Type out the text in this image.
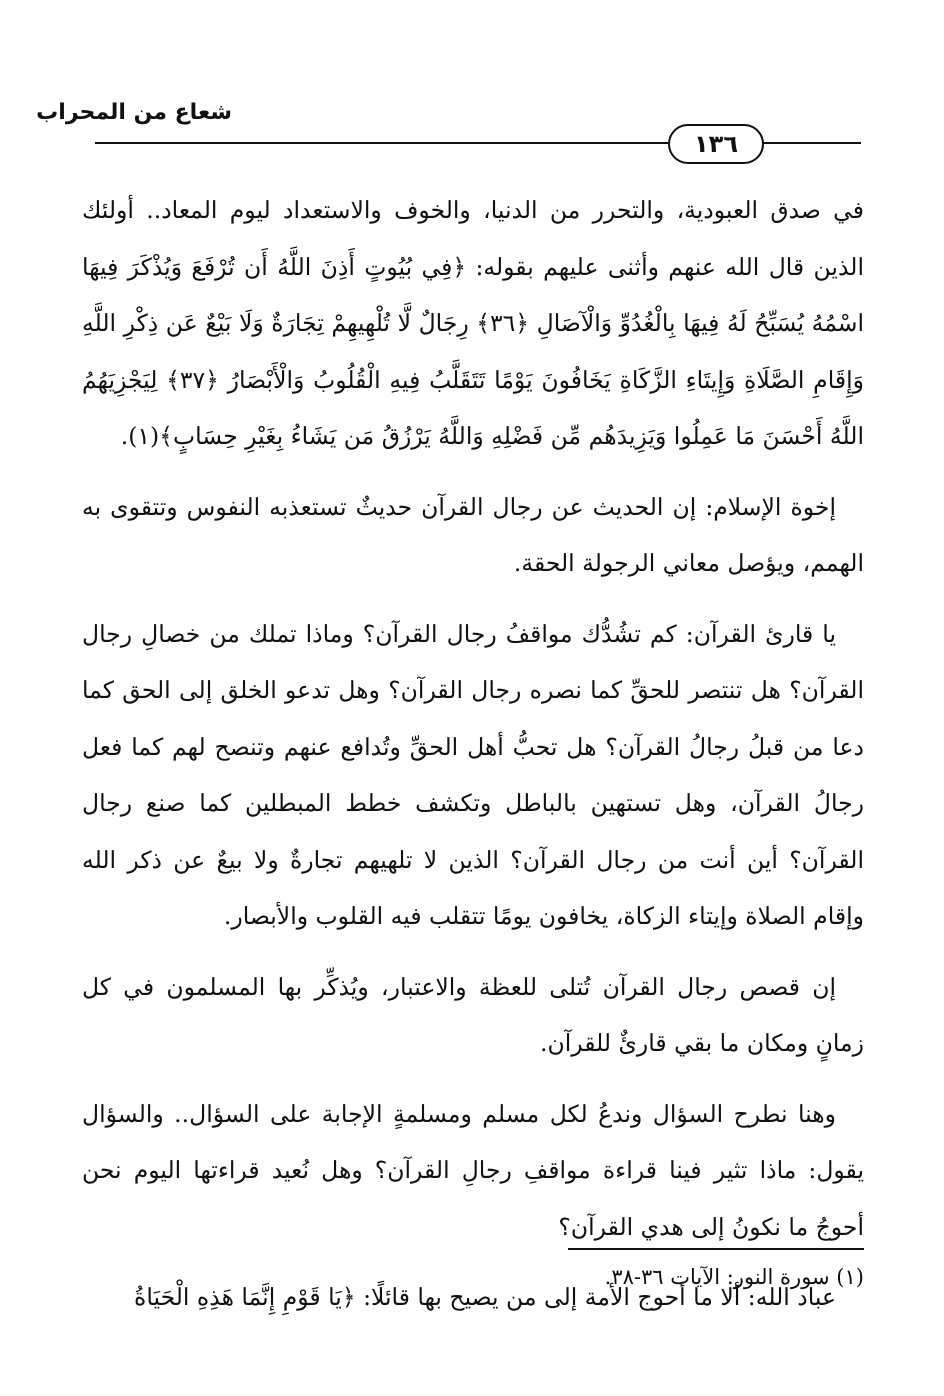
شعاع من المحراب
١٣٦

في صدق العبودية، والتحرر من الدنيا، والخوف والاستعداد ليوم المعاد.. أولئك الذين قال الله عنهم وأثنى عليهم بقوله: ﴿فِي بُيُوتٍ أَذِنَ اللَّهُ أَن تُرْفَعَ وَيُذْكَرَ فِيهَا اسْمُهُ يُسَبِّحُ لَهُ فِيهَا بِالْغُدُوِّ وَالْآصَالِ ﴿٣٦﴾ رِجَالٌ لَّا تُلْهِيهِمْ تِجَارَةٌ وَلَا بَيْعٌ عَن ذِكْرِ اللَّهِ وَإِقَامِ الصَّلَاةِ وَإِيتَاءِ الزَّكَاةِ يَخَافُونَ يَوْمًا تَتَقَلَّبُ فِيهِ الْقُلُوبُ وَالْأَبْصَارُ ﴿٣٧﴾ لِيَجْزِيَهُمُ اللَّهُ أَحْسَنَ مَا عَمِلُوا وَيَزِيدَهُم مِّن فَضْلِهِ وَاللَّهُ يَرْزُقُ مَن يَشَاءُ بِغَيْرِ حِسَابٍ﴾(١).

إخوة الإسلام: إن الحديث عن رجال القرآن حديثٌ تستعذبه النفوس وتتقوى به الهمم، ويؤصل معاني الرجولة الحقة.

يا قارئ القرآن: كم تشُدُّك مواقفُ رجال القرآن؟ وماذا تملك من خصالِ رجال القرآن؟ هل تنتصر للحقِّ كما نصره رجال القرآن؟ وهل تدعو الخلق إلى الحق كما دعا من قبلُ رجالُ القرآن؟ هل تحبُّ أهل الحقِّ وتُدافع عنهم وتنصح لهم كما فعل رجالُ القرآن، وهل تستهين بالباطل وتكشف خطط المبطلين كما صنع رجال القرآن؟ أين أنت من رجال القرآن؟ الذين لا تلهيهم تجارةٌ ولا بيعٌ عن ذكر الله وإقام الصلاة وإيتاء الزكاة، يخافون يومًا تتقلب فيه القلوب والأبصار.

إن قصص رجال القرآن تُتلى للعظة والاعتبار، ويُذكِّر بها المسلمون في كل زمانٍ ومكان ما بقي قارئٌ للقرآن.

وهنا نطرح السؤال وندعُ لكل مسلم ومسلمةٍ الإجابة على السؤال.. والسؤال يقول: ماذا تثير فينا قراءة مواقفِ رجالِ القرآن؟ وهل نُعيد قراءتها اليوم نحن أحوجُ ما نكونُ إلى هدي القرآن؟

عباد الله: ألا ما أحوج الأمة إلى من يصيح بها قائلًا: ﴿يَا قَوْمِ إِنَّمَا هَذِهِ الْحَيَاةُ

(١) سورة النور: الآيات ٣٦-٣٨.
